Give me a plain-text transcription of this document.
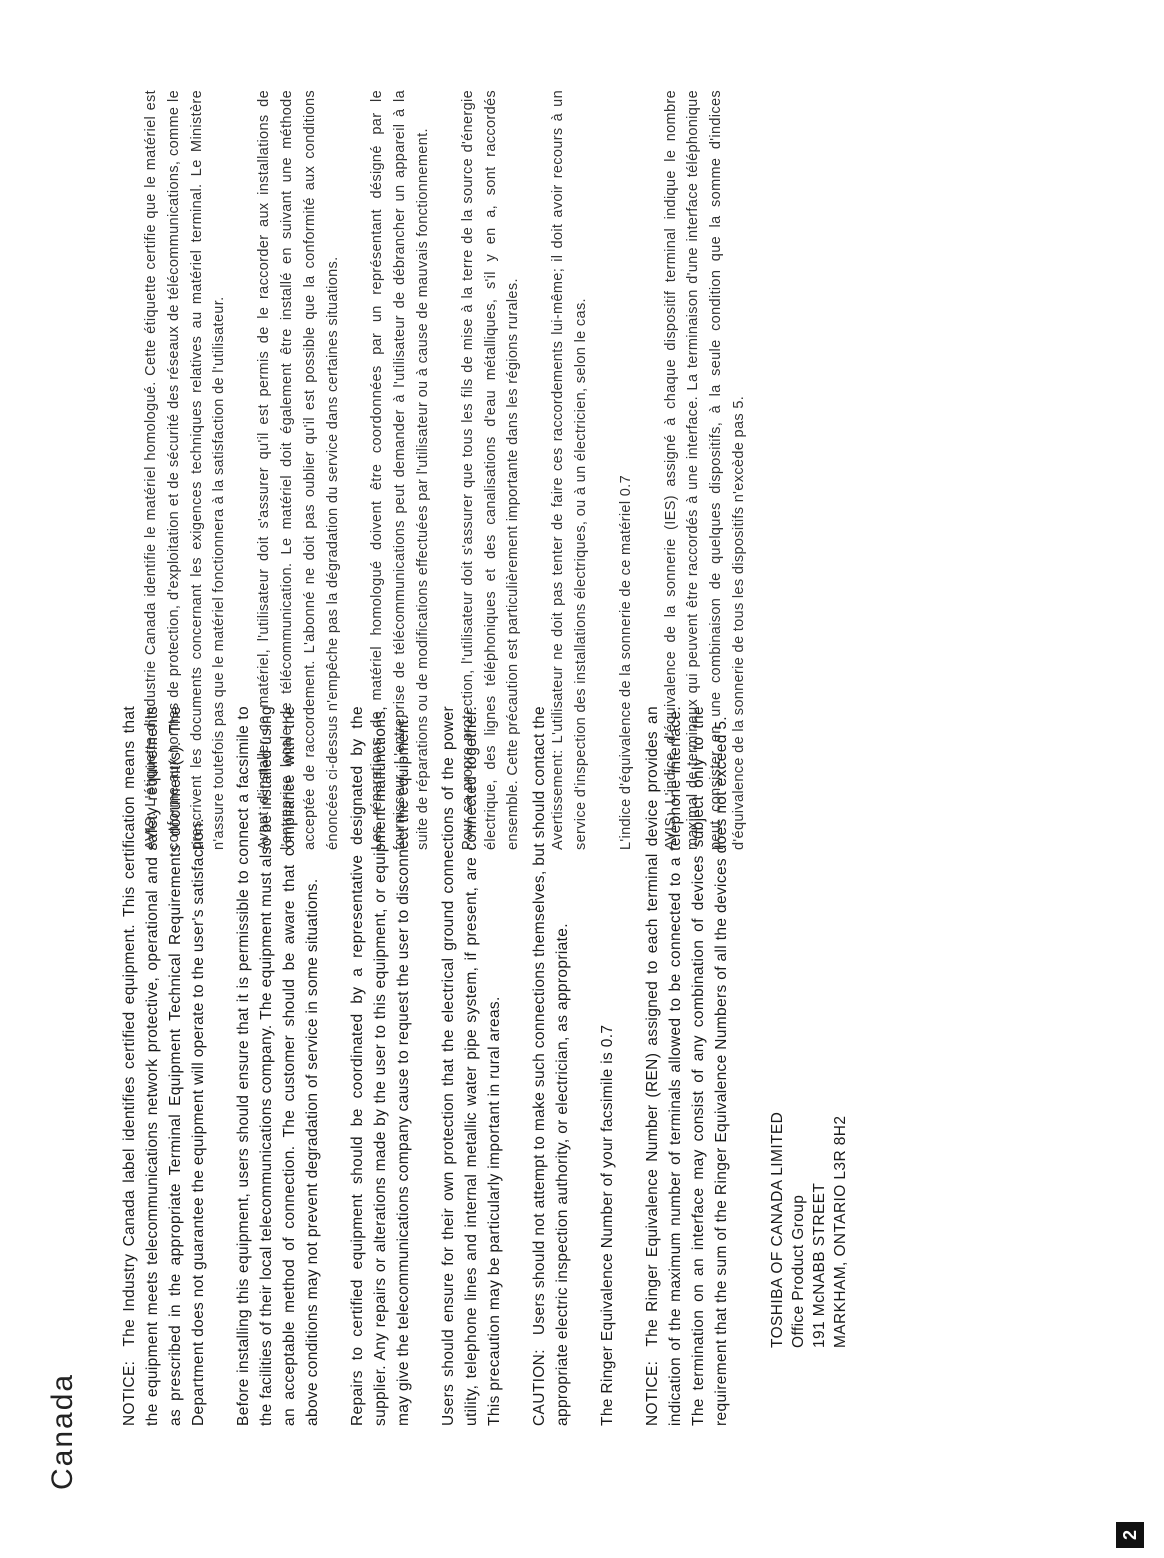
Canada	NOTICE:The Industry Canada label identifies certified equipment. This certification means that the equipment meets telecommunications network protective, operational and safety requirements as prescribed in the appropriate Terminal Equipment Technical Requirements document(s). The Department does not guarantee the equipment will operate to the user's satisfaction. Before installing this equipment, users should ensure that it is permissible to connect a facsimile to the facilities of their local telecommunications company. The equipment must also be installed using an acceptable method of connection. The customer should be aware that compliance with the above conditions may not prevent degradation of service in some situations. Repairs to certified equipment should be coordinated by a representative designated by the supplier. Any repairs or alterations made by the user to this equipment, or equipment malfunctions, may give the telecommunications company cause to request the user to disconnect the equipment. Users should ensure for their own protection that the electrical ground connections of the power utility, telephone lines and internal metallic water pipe system, if present, are connected together. This precaution may be particularly important in rural areas. CAUTION:Users should not attempt to make such connections themselves, but should contact the appropriate electric inspection authority, or electrician, as appropriate. The Ringer Equivalence Number of your facsimile is 0.7 NOTICE:The Ringer Equivalence Number (REN) assigned to each terminal device provides an indication of the maximum number of terminals allowed to be connected to a telephone interface. The termination on an interface may consist of any combination of devices subject only to the requirement that the sum of the Ringer Equivalence Numbers of all the devices does not exceed 5.	TOSHIBA OF CANADA LIMITED Office Product Group 191 McNABB STREET MARKHAM, ONTARIO L3R 8H2

AVIS: L'étiquette d'Industrie Canada identifie le matériel homologué. Cette étiquette certifie que le matériel est conforme aux normes de protection, d'exploitation et de sécurité des réseaux de télécommunications, comme le prescrivent les documents concernant les exigences techniques relatives au matériel terminal. Le Ministère n'assure toutefois pas que le matériel fonctionnera à la satisfaction de l'utilisateur. Avant d'installer ce matériel, l'utilisateur doit s'assurer qu'il est permis de le raccorder aux installations de l'entreprise locale de télécommunication. Le matériel doit également être installé en suivant une méthode acceptée de raccordement. L'abonné ne doit pas oublier qu'il est possible que la conformité aux conditions énoncées ci-dessus n'empêche pas la dégradation du service dans certaines situations. Les réparations de matériel homologué doivent être coordonnées par un représentant désigné par le fournisseur. L'entreprise de télécommunications peut demander à l'utilisateur de débrancher un appareil à la suite de réparations ou de modifications effectuées par l'utilisateur ou à cause de mauvais fonctionnement. Pour sa propre protection, l'utilisateur doit s'assurer que tous les fils de mise à la terre de la source d'énergie électrique, des lignes téléphoniques et des canalisations d'eau métalliques, s'il y en a, sont raccordés ensemble. Cette précaution est particulièrement importante dans les régions rurales. Avertissement: L'utilisateur ne doit pas tenter de faire ces raccordements lui-même; il doit avoir recours à un service d'inspection des installations électriques, ou à un électricien, selon le cas. L'indice d'équivalence de la sonnerie de ce matériel 0.7 AVIS: L'indice d'équivalence de la sonnerie (IES) assigné à chaque dispositif terminal indique le nombre maximal de terminaux qui peuvent être raccordés à une interface. La terminaison d'une interface téléphonique peut consister en une combinaison de quelques dispositifs, à la seule condition que la somme d'indices d'équivalence de la sonnerie de tous les dispositifs n'excède pas 5.

2
